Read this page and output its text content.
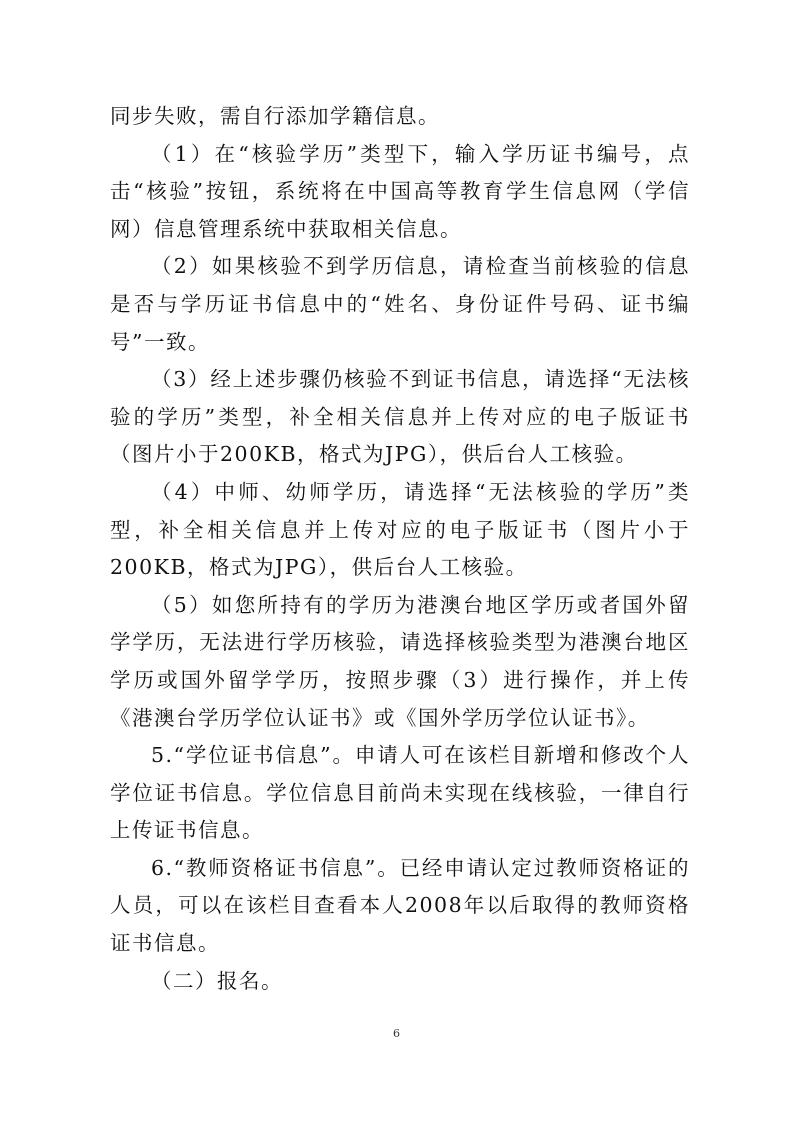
同步失败，需自行添加学籍信息。

（1）在“核验学历”类型下，输入学历证书编号，点击“核验”按钮，系统将在中国高等教育学生信息网（学信网）信息管理系统中获取相关信息。

（2）如果核验不到学历信息，请检查当前核验的信息是否与学历证书信息中的“姓名、身份证件号码、证书编号”一致。

（3）经上述步骤仍核验不到证书信息，请选择“无法核验的学历”类型，补全相关信息并上传对应的电子版证书（图片小于200KB，格式为JPG），供后台人工核验。

（4）中师、幼师学历，请选择“无法核验的学历”类型，补全相关信息并上传对应的电子版证书（图片小于200KB，格式为JPG），供后台人工核验。

（5）如您所持有的学历为港澳台地区学历或者国外留学学历，无法进行学历核验，请选择核验类型为港澳台地区学历或国外留学学历，按照步骤（3）进行操作，并上传《港澳台学历学位认证书》或《国外学历学位认证书》。

5.“学位证书信息”。申请人可在该栏目新增和修改个人学位证书信息。学位信息目前尚未实现在线核验，一律自行上传证书信息。

6.“教师资格证书信息”。已经申请认定过教师资格证的人员，可以在该栏目查看本人2008年以后取得的教师资格证书信息。

（二）报名。

6
